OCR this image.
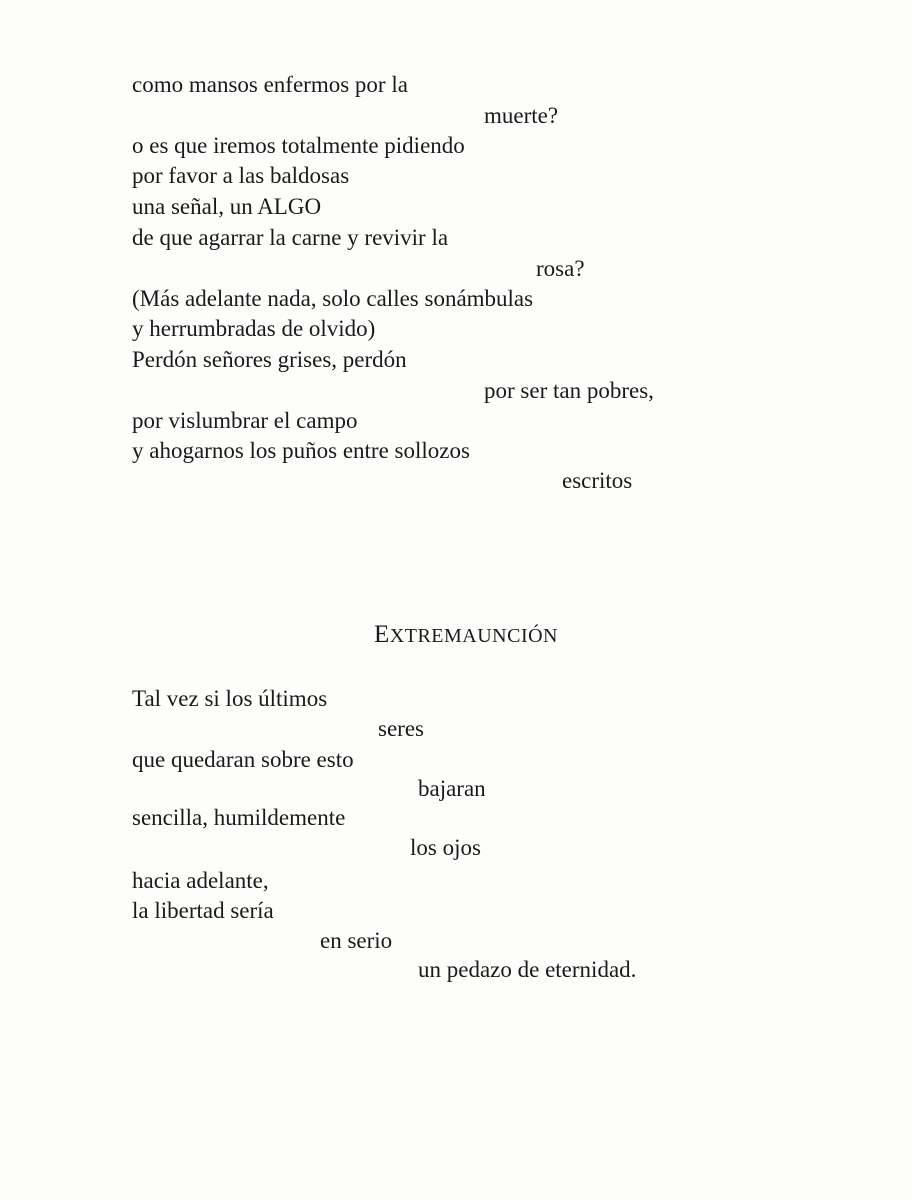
como mansos enfermos por la
muerte?
o es que iremos totalmente pidiendo
por favor a las baldosas
una señal, un ALGO
de que agarrar la carne y revivir la
rosa?
(Más adelante nada, solo calles sonámbulas
y herrumbradas de olvido)
Perdón señores grises, perdón
por ser tan pobres,
por vislumbrar el campo
y ahogarnos los puños entre sollozos
escritos
EXTREMAUNCIÓN
Tal vez si los últimos
seres
que quedaran sobre esto
bajaran
sencilla, humildemente
los ojos
hacia adelante,
la libertad sería
en serio
un pedazo de eternidad.
